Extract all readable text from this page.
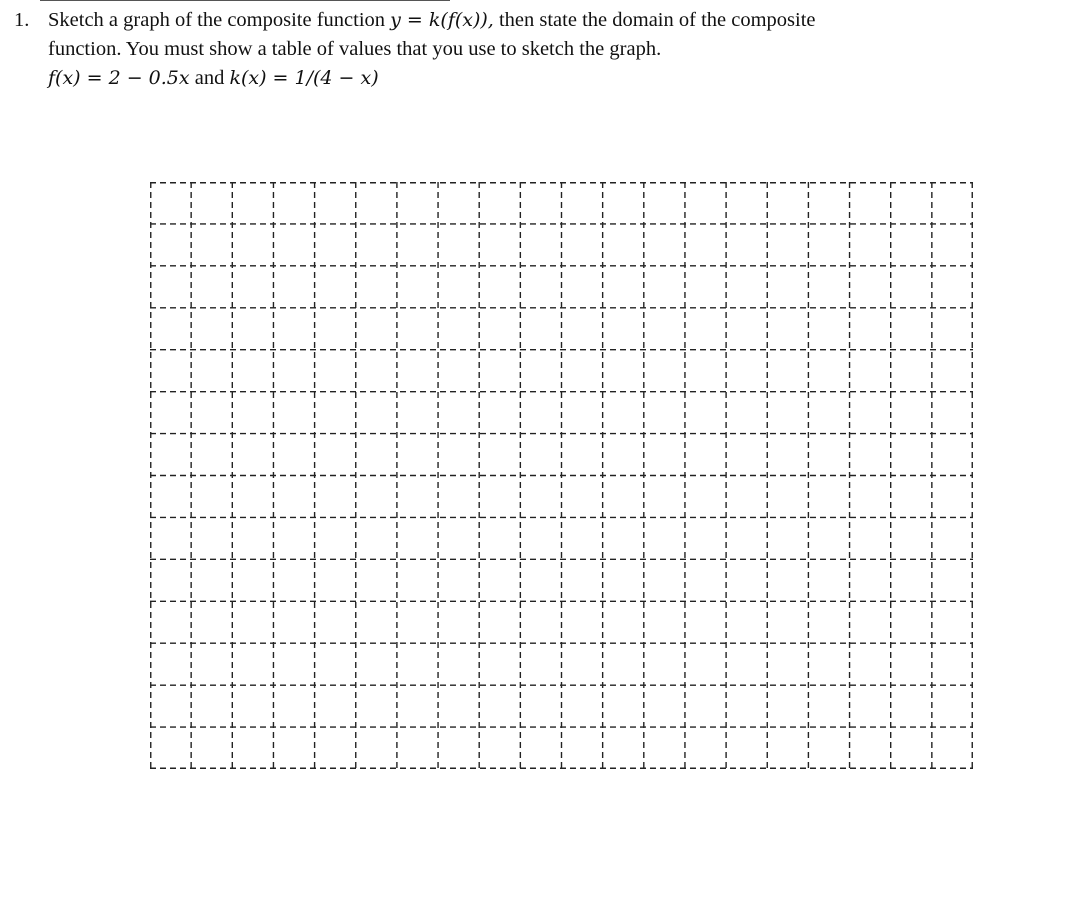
1. Sketch a graph of the composite function y = k(f(x)), then state the domain of the composite
function. You must show a table of values that you use to sketch the graph.
f(x) = 2 − 0.5x and k(x) = 1/(4 − x)
